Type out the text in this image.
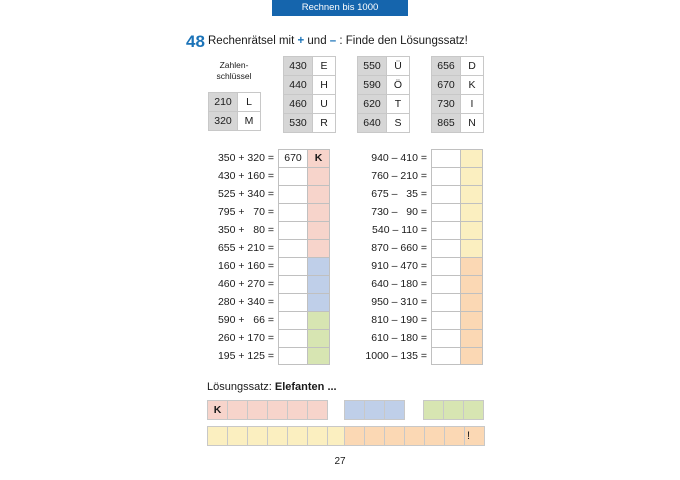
Rechnen bis 1000
48 Rechenrätsel mit + und – : Finde den Lösungssatz!
Zahlen-schlüssel
210	L
320	M
430	E
440	H
460	U
530	R
550	Ü
590	Ö
620	T
640	S
656	D
670	K
730	I
865	N
350 + 320 = 670	K
430 + 160 =
525 + 340 =
795 +   70 =
350 +   80 =
655 + 210 =
160 + 160 =
460 + 270 =
280 + 340 =
590 +   66 =
260 + 170 =
195 + 125 =
940 – 410 =
760 – 210 =
675 –   35 =
730 –   90 =
540 – 110 =
870 – 660 =
910 – 470 =
640 – 180 =
950 – 310 =
810 – 190 =
610 – 180 =
1000 – 135 =
Lösungssatz: Elefanten ...
K
!
27
